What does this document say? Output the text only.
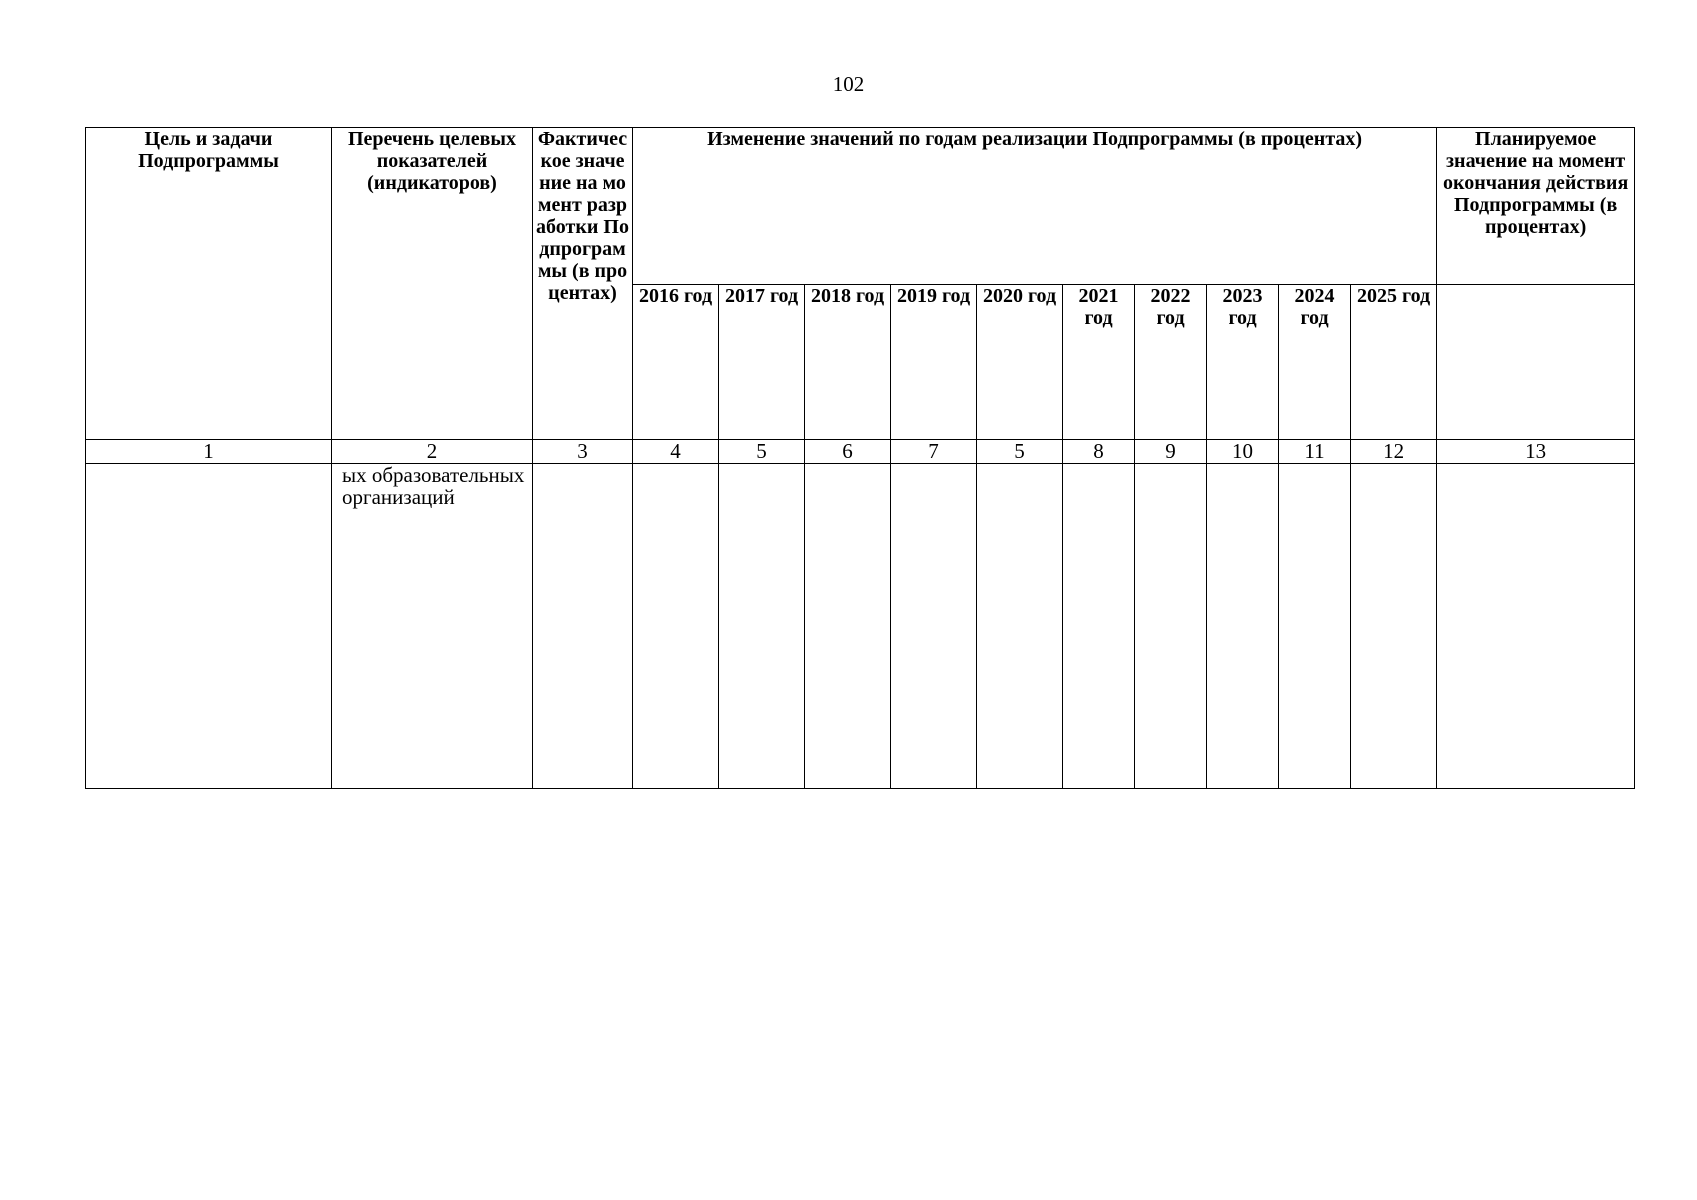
102
Цель и задачи Подпрограммы	Перечень целевых показателей (индикаторов)	Фактическое значение на момент разработки Подпрограммы (в процентах)	Изменение значений по годам реализации Подпрограммы (в процентах)										Планируемое значение на момент окончания действия Подпрограммы (в процентах)
			2016 год	2017 год	2018 год	2019 год	2020 год	2021 год	2022 год	2023 год	2024 год	2025 год	
1	2	3	4	5	6	7	5	8	9	10	11	12	13
	ых образовательных организаций												
